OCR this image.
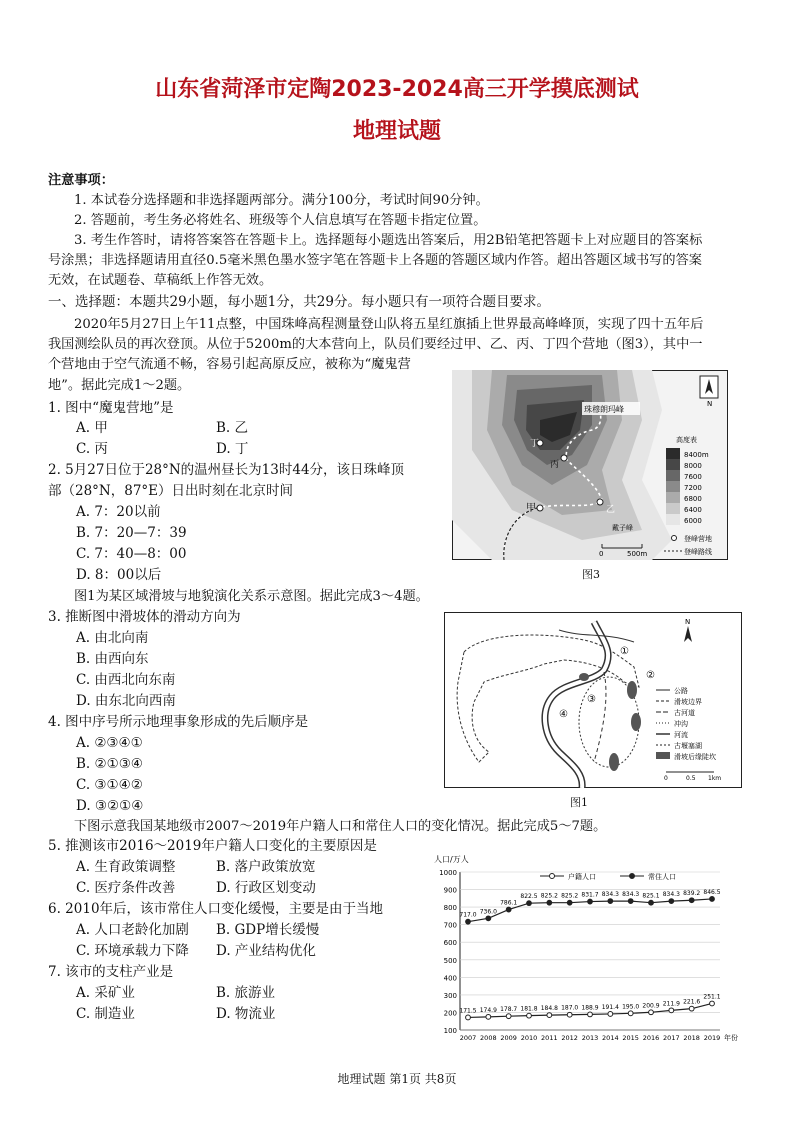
山东省菏泽市定陶2023-2024高三开学摸底测试
地理试题
注意事项：
1. 本试卷分选择题和非选择题两部分。满分100分，考试时间90分钟。
2. 答题前，考生务必将姓名、班级等个人信息填写在答题卡指定位置。
3. 考生作答时，请将答案答在答题卡上。选择题每小题选出答案后，用2B铅笔把答题卡上对应题目的答案标
号涂黑；非选择题请用直径0.5毫米黑色墨水签字笔在答题卡上各题的答题区域内作答。超出答题区域书写的答案
无效，在试题卷、草稿纸上作答无效。
一、选择题：本题共29小题，每小题1分，共29分。每小题只有一项符合题目要求。
2020年5月27日上午11点整，中国珠峰高程测量登山队将五星红旗插上世界最高峰峰顶，实现了四十五年后
我国测绘队员的再次登顶。从位于5200m的大本营向上，队员们要经过甲、乙、丙、丁四个营地（图3），其中一
个营地由于空气流通不畅，容易引起高原反应，被称为“魔鬼营
地”。据此完成1～2题。
1. 图中“魔鬼营地”是
A. 甲	B. 乙
C. 丙	D. 丁
2. 5月27日位于28°N的温州昼长为13时44分，该日珠峰顶
部（28°N，87°E）日出时刻在北京时间
A. 7：20以前
B. 7：20—7：39
C. 7：40—8：00
D. 8：00以后
珠穆朗玛峰
丁
丙
甲	乙
戴子峰
N
高度表
8400m
8000
7600
7200
6800
6400
6000
登峰营地
登峰路线
0	500m
图3
图1为某区域滑坡与地貌演化关系示意图。据此完成3～4题。
3. 推断图中滑坡体的滑动方向为
A. 由北向南
B. 由西向东
C. 由西北向东南
D. 由东北向西南
4. 图中序号所示地理事象形成的先后顺序是
A. ②③④①
B. ②①③④
C. ③①④②
D. ③②①④
①
②
③
④
N
公路
滑坡边界
古河道
冲沟
河流
古堰塞湖
滑坡后缘陡坎
0	0.5 1km
图1
下图示意我国某地级市2007～2019年户籍人口和常住人口的变化情况。据此完成5～7题。
5. 推测该市2016～2019年户籍人口变化的主要原因是
A. 生育政策调整	B. 落户政策放宽
C. 医疗条件改善	D. 行政区划变动
6. 2010年后，该市常住人口变化缓慢，主要是由于当地
A. 人口老龄化加剧 B. GDP增长缓慢
C. 环境承载力下降 D. 产业结构优化
7. 该市的支柱产业是
A. 采矿业	B. 旅游业
C. 制造业	D. 物流业
人口/万人
100
200
300
400
500
600
700
800
900
1000
2007 2008 2009 2010 2011 2012 2013 2014 2015 2016 2017 2018 2019 年份
户籍人口	常住人口
171.5 174.9 178.7 181.8 184.8 187.0 188.9 191.4 195.0 200.9 211.9 221.6
251.1
717.0 736.0
786.1
822.5 825.2 825.2 831.7 834.3 834.3 825.1 834.3 839.2 846.5
地理试题 第1页 共8页
